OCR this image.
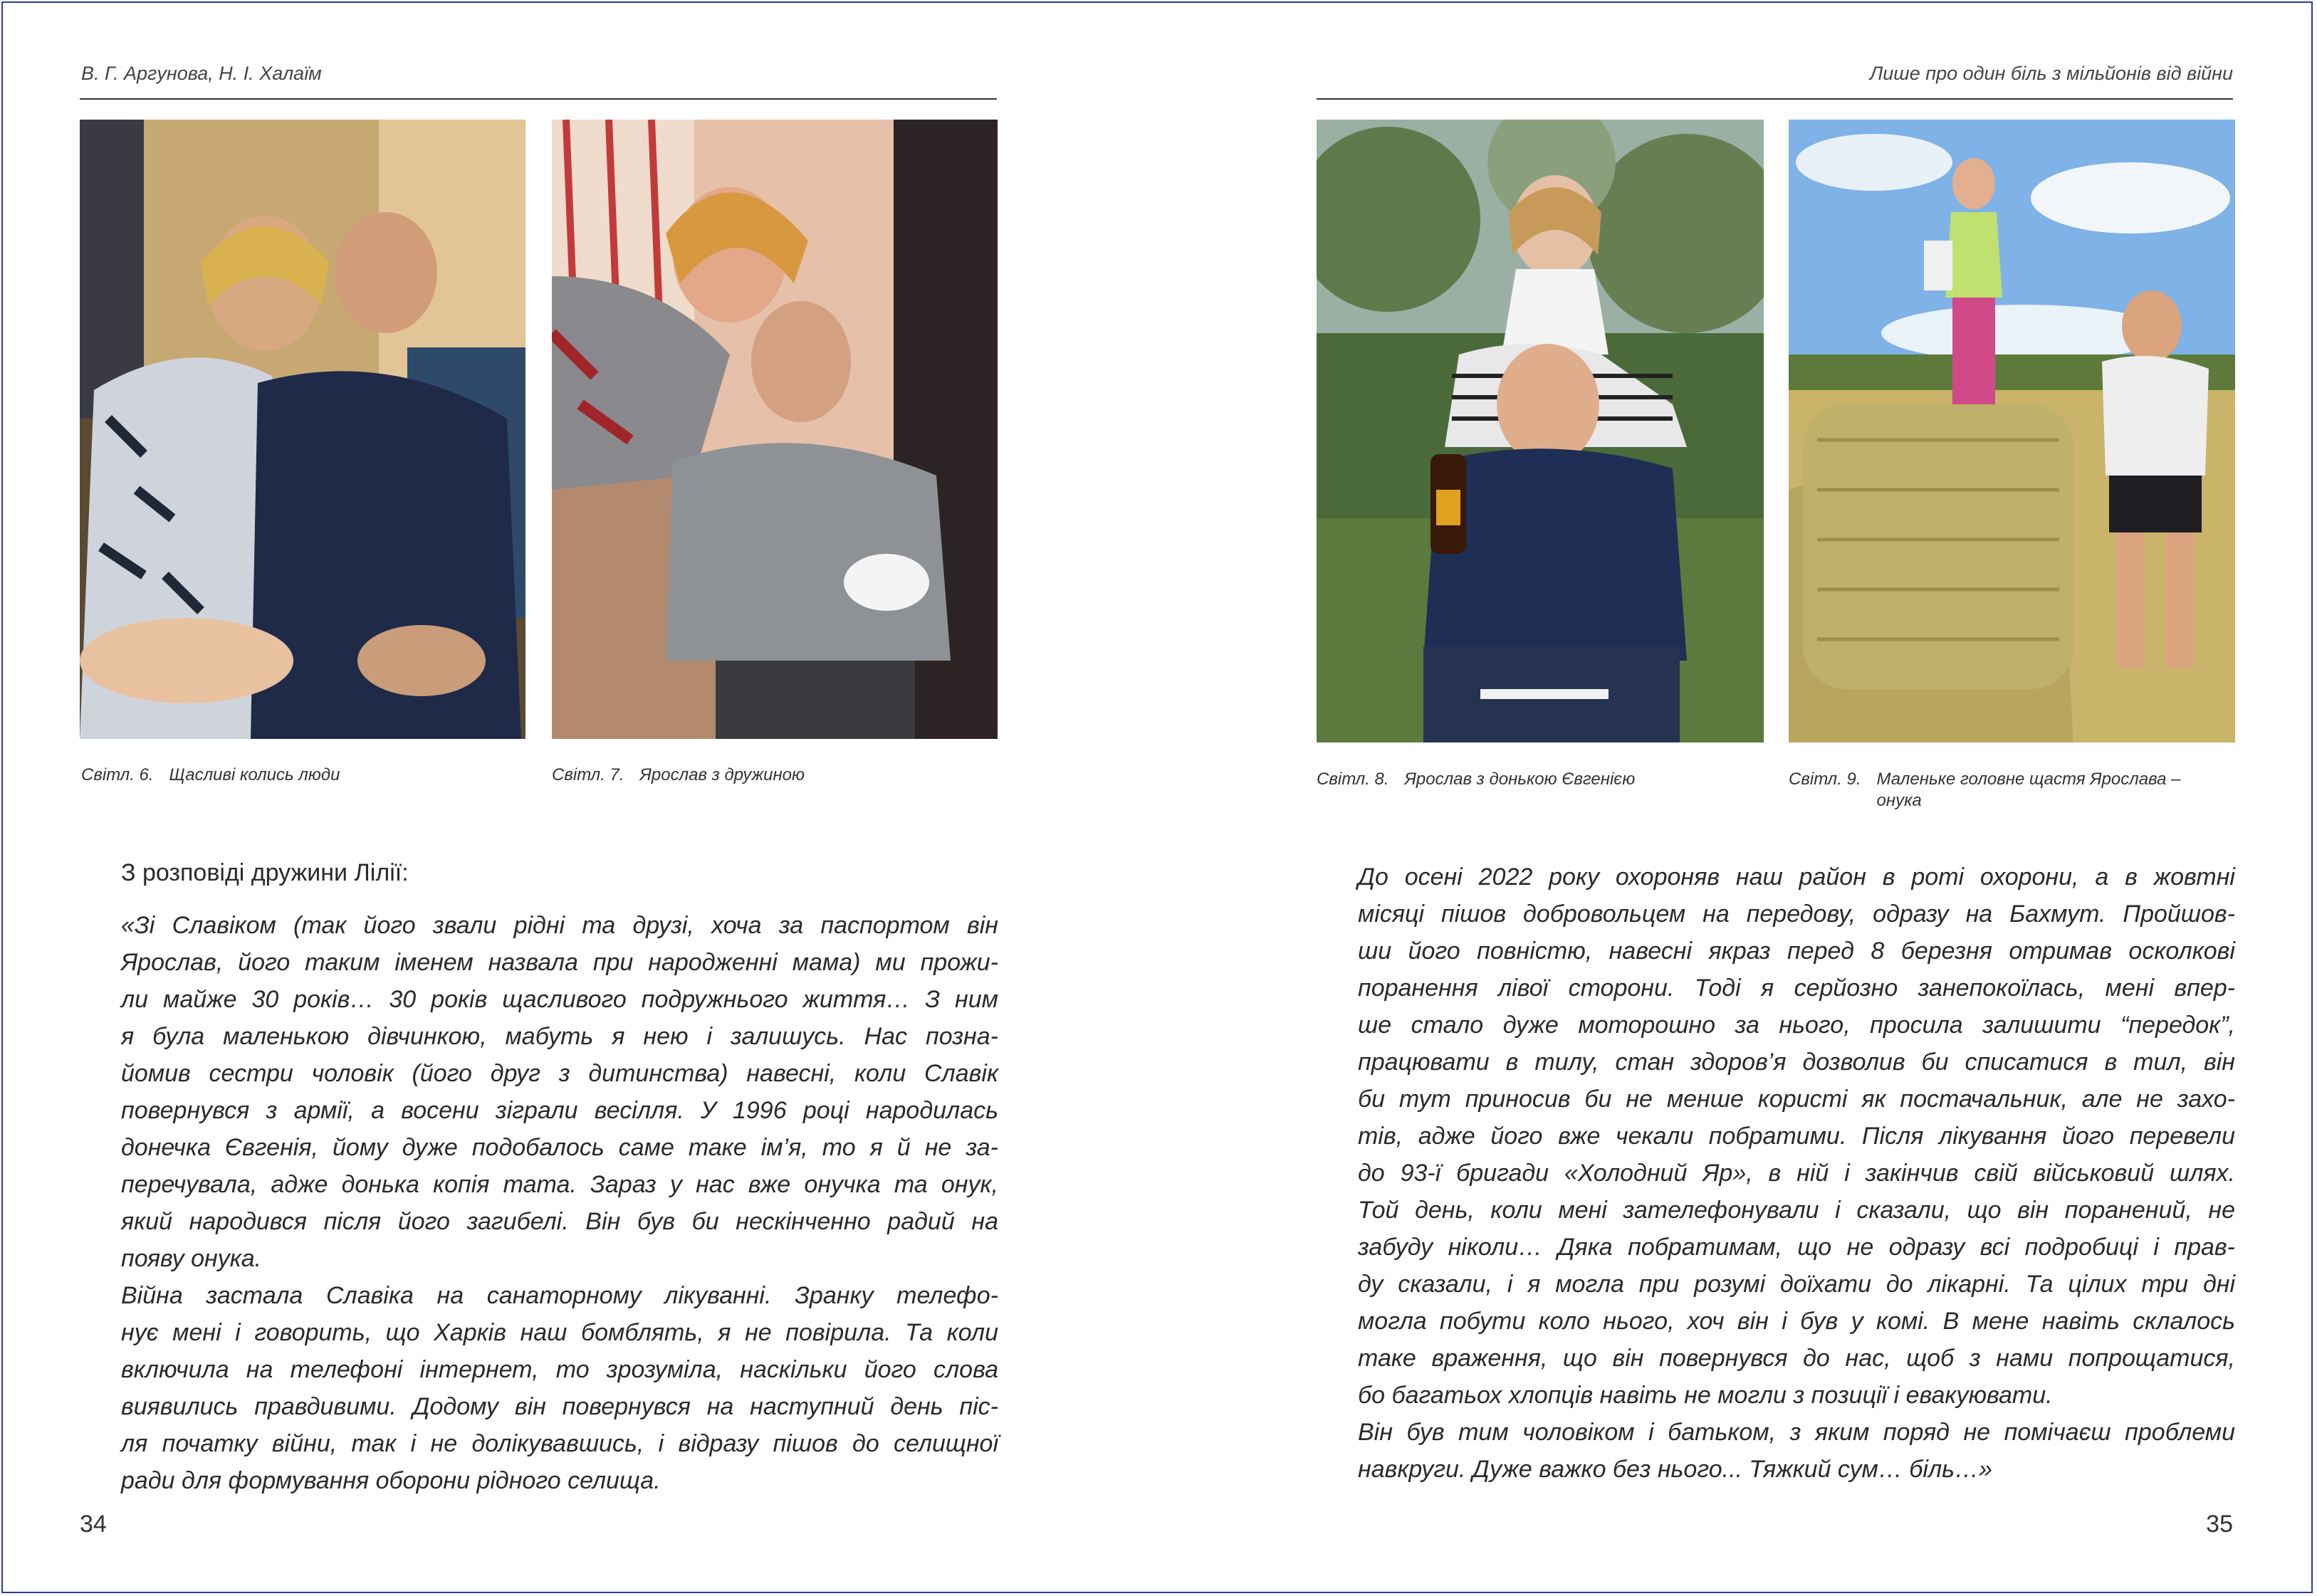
В. Г. Аргунова, Н. І. Халаїм
Світл. 6. Щасливі колись люди	Світл. 7. Ярослав з дружиною

З розповіді дружини Лілії:

«Зі Славіком (так його звали рідні та друзі, хоча за паспортом він
Ярослав, його таким іменем назвала при народженні мама) ми прожи-
ли майже 30 років… 30 років щасливого подружнього життя… З ним
я була маленькою дівчинкою, мабуть я нею і залишусь. Нас позна-
йомив сестри чоловік (його друг з дитинства) навесні, коли Славік
повернувся з армії, а восени зіграли весілля. У 1996 році народилась
донечка Євгенія, йому дуже подобалось саме таке ім’я, то я й не за-
перечувала, адже донька копія тата. Зараз у нас вже онучка та онук,
який народився після його загибелі. Він був би нескінченно радий на
появу онука.
Війна застала Славіка на санаторному лікуванні. Зранку телефо-
нує мені і говорить, що Харків наш бомблять, я не повірила. Та коли
включила на телефоні інтернет, то зрозуміла, наскільки його слова
виявились правдивими. Додому він повернувся на наступний день піс-
ля початку війни, так і не долікувавшись, і відразу пішов до селищної
ради для формування оборони рідного селища.
34
Лише про один біль з мільйонів від війни
Світл. 8. Ярослав з донькою Євгенією	Світл. 9. Маленьке головне щастя Ярослава –
онука
До осені 2022 року охороняв наш район в роті охорони, а в жовтні
місяці пішов добровольцем на передову, одразу на Бахмут. Пройшов-
ши його повністю, навесні якраз перед 8 березня отримав осколкові
поранення лівої сторони. Тоді я серйозно занепокоїлась, мені впер-
ше стало дуже моторошно за нього, просила залишити “передок”,
працювати в тилу, стан здоров’я дозволив би списатися в тил, він
би тут приносив би не менше користі як постачальник, але не захо-
тів, адже його вже чекали побратими. Після лікування його перевели
до 93-ї бригади «Холодний Яр», в ній і закінчив свій військовий шлях.
Той день, коли мені зателефонували і сказали, що він поранений, не
забуду ніколи… Дяка побратимам, що не одразу всі подробиці і прав-
ду сказали, і я могла при розумі доїхати до лікарні. Та цілих три дні
могла побути коло нього, хоч він і був у комі. В мене навіть склалось
таке враження, що він повернувся до нас, щоб з нами попрощатися,
бо багатьох хлопців навіть не могли з позиції і евакуювати.
Він був тим чоловіком і батьком, з яким поряд не помічаєш проблеми
навкруги. Дуже важко без нього... Тяжкий сум… біль…»
35
